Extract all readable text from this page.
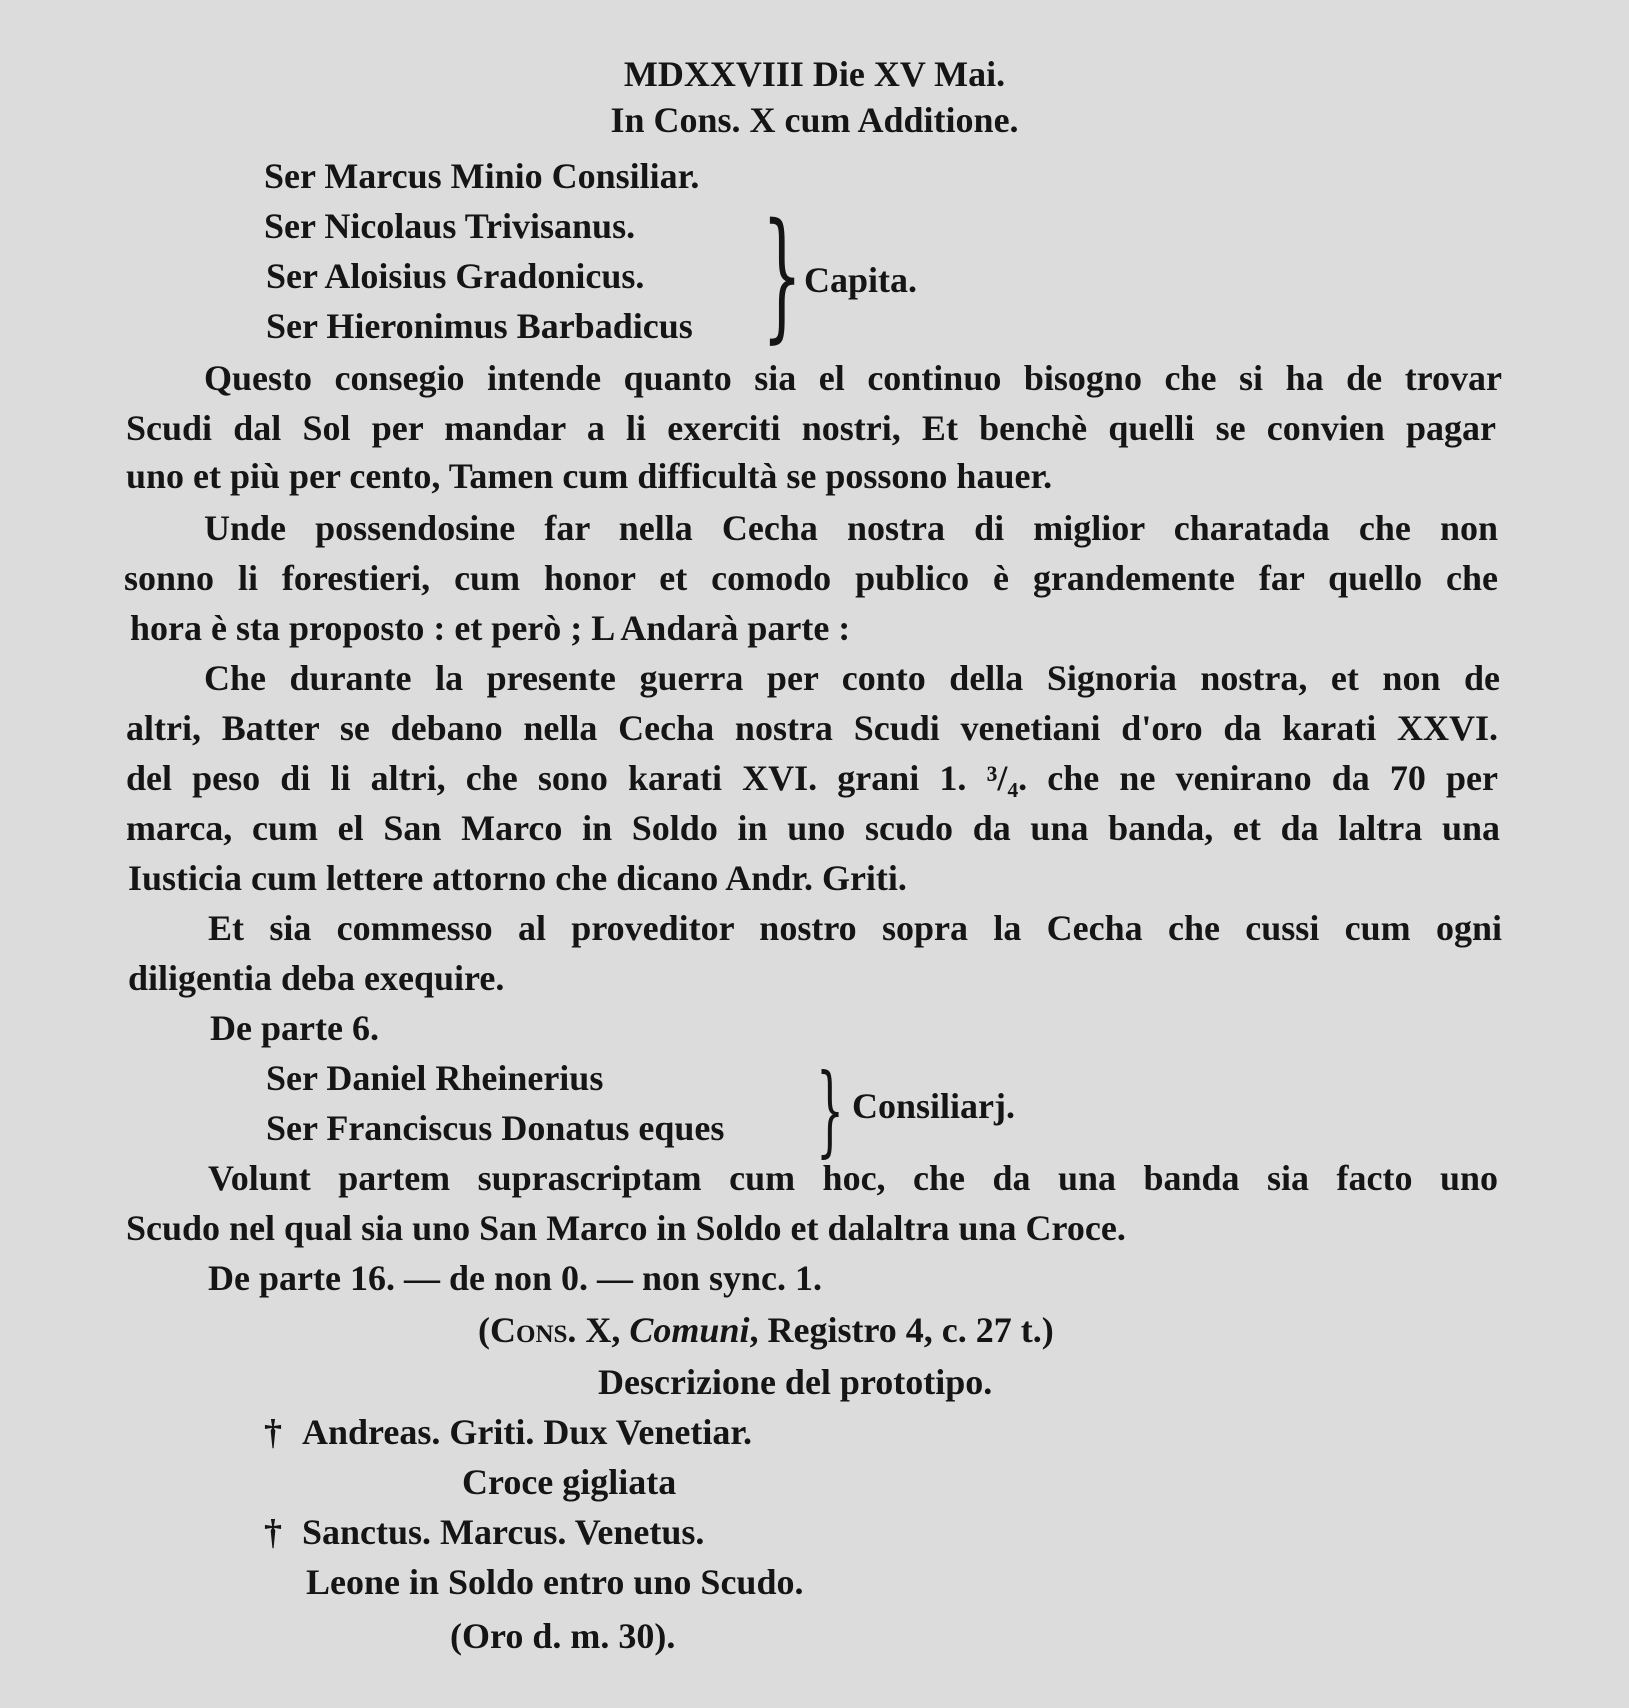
MDXXVIII Die XV Mai.
In Cons. X cum Additione.
Ser Marcus Minio Consiliar.
Ser Nicolaus Trivisanus.
Ser Aloisius Gradonicus.
Ser Hieronimus Barbadicus } Capita.
Questo consegio intende quanto sia el continuo bisogno che si ha de trovar
Scudi dal Sol per mandar a li exerciti nostri, Et benchè quelli se convien pagar
uno et più per cento, Tamen cum difficultà se possono hauer.
Unde possendosine far nella Cecha nostra di miglior charatada che non
sonno li forestieri, cum honor et comodo publico è grandemente far quello che
hora è sta proposto : et però ; L Andarà parte :
Che durante la presente guerra per conto della Signoria nostra, et non de
altri, Batter se debano nella Cecha nostra Scudi venetiani d'oro da karati XXVI.
del peso di li altri, che sono karati XVI. grani 1. ³/₄. che ne venirano da 70 per
marca, cum el San Marco in Soldo in uno scudo da una banda, et da laltra una
Iusticia cum lettere attorno che dicano Andr. Griti.
Et sia commesso al proveditor nostro sopra la Cecha che cussi cum ogni
diligentia deba exequire.
De parte 6.
Ser Daniel Rheinerius
Ser Franciscus Donatus eques } Consiliarj.
Volunt partem suprascriptam cum hoc, che da una banda sia facto uno
Scudo nel qual sia uno San Marco in Soldo et dalaltra una Croce.
De parte 16. — de non 0. — non sync. 1.
(Cons. X, Comuni, Registro 4, c. 27 t.)
Descrizione del prototipo.
† Andreas. Griti. Dux Venetiar.
Croce gigliata
† Sanctus. Marcus. Venetus.
Leone in Soldo entro uno Scudo.
(Oro d. m. 30).
